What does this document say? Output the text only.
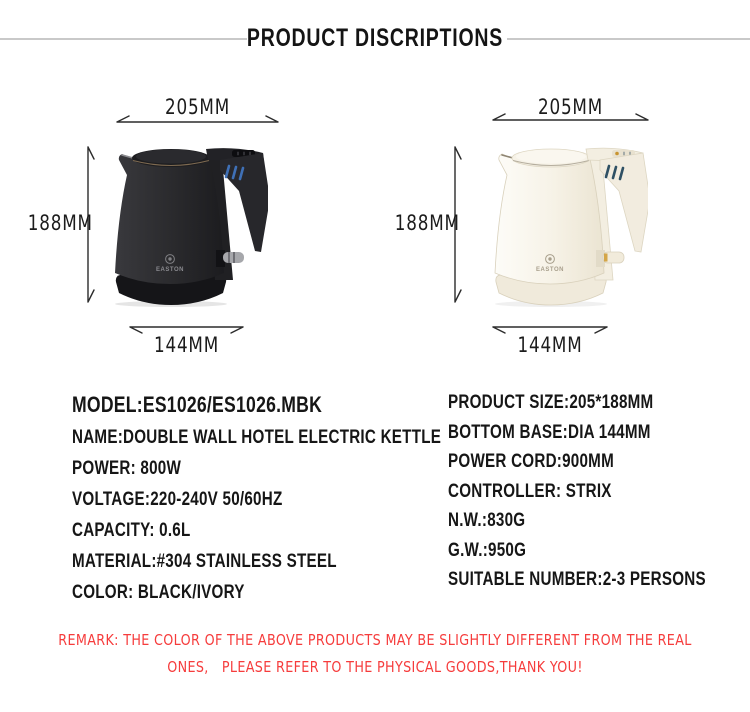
PRODUCT DISCRIPTIONS
205MM
188MM
144MM
EASTON
205MM
188MM
144MM
EASTON
MODEL:ES1026/ES1026.MBK
NAME:DOUBLE WALL HOTEL ELECTRIC KETTLE
POWER: 800W
VOLTAGE:220-240V 50/60HZ
CAPACITY: 0.6L
MATERIAL:#304 STAINLESS STEEL
COLOR: BLACK/IVORY
PRODUCT SIZE:205*188MM
BOTTOM BASE:DIA 144MM
POWER CORD:900MM
CONTROLLER: STRIX
N.W.:830G
G.W.:950G
SUITABLE NUMBER:2-3 PERSONS
REMARK: THE COLOR OF THE ABOVE PRODUCTS MAY BE SLIGHTLY DIFFERENT FROM THE REAL
ONES,   PLEASE REFER TO THE PHYSICAL GOODS,THANK YOU!
